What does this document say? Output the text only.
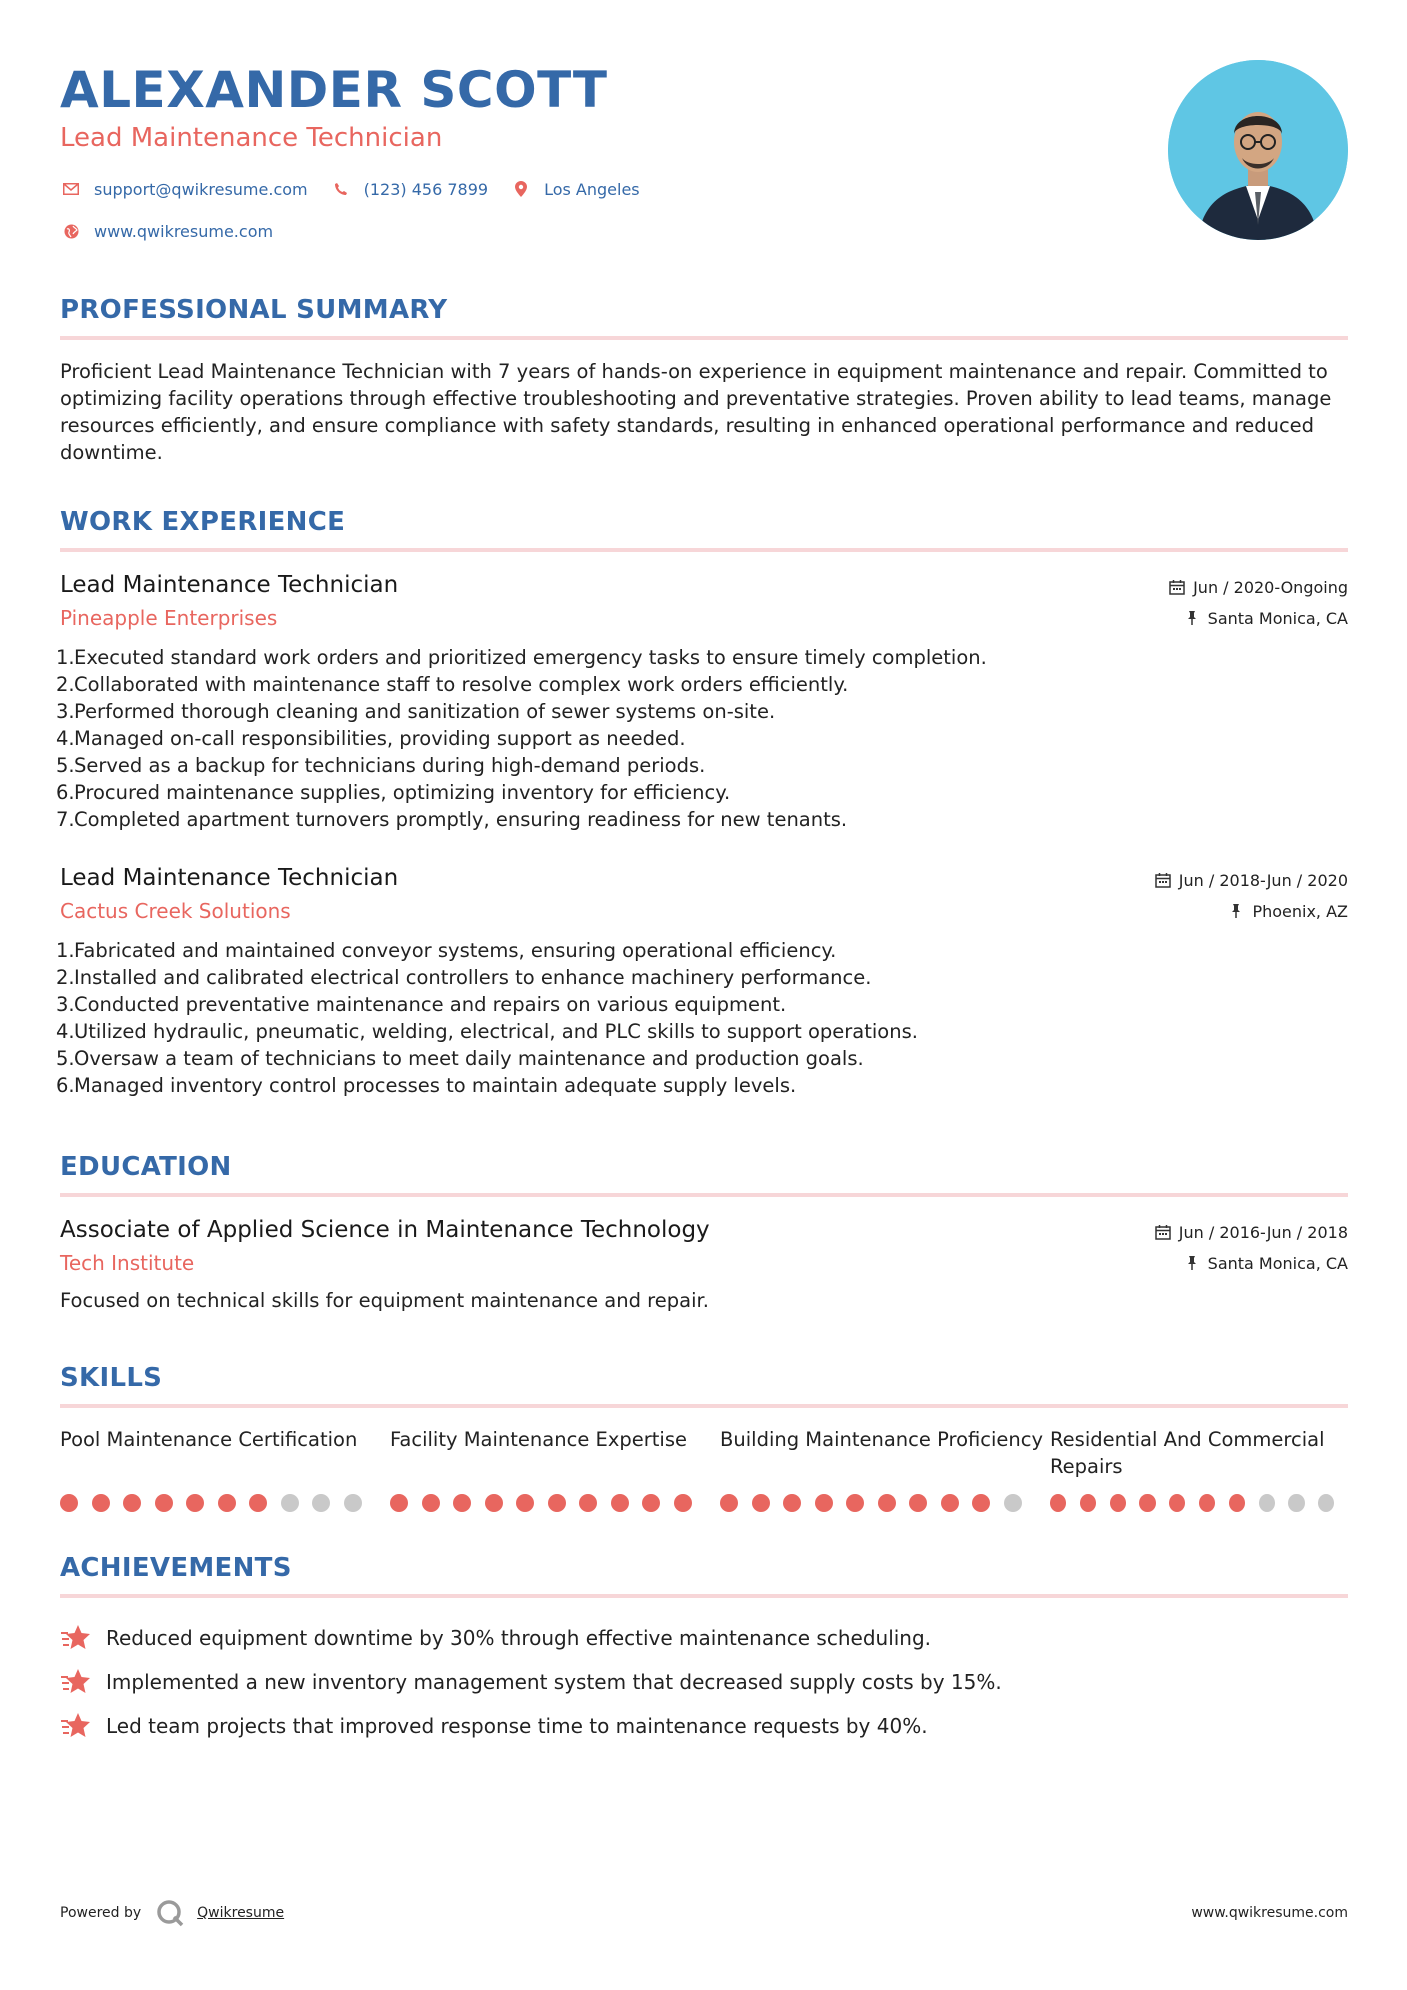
ALEXANDER SCOTT
Lead Maintenance Technician
support@qwikresume.com	(123) 456 7899	Los Angeles
www.qwikresume.com
PROFESSIONAL SUMMARY
Proficient Lead Maintenance Technician with 7 years of hands-on experience in equipment maintenance and repair. Committed to optimizing facility operations through effective troubleshooting and preventative strategies. Proven ability to lead teams, manage resources efficiently, and ensure compliance with safety standards, resulting in enhanced operational performance and reduced downtime.
WORK EXPERIENCE
Lead Maintenance Technician
Pineapple Enterprises
Jun / 2020-Ongoing
Santa Monica, CA
1. Executed standard work orders and prioritized emergency tasks to ensure timely completion.
2. Collaborated with maintenance staff to resolve complex work orders efficiently.
3. Performed thorough cleaning and sanitization of sewer systems on-site.
4. Managed on-call responsibilities, providing support as needed.
5. Served as a backup for technicians during high-demand periods.
6. Procured maintenance supplies, optimizing inventory for efficiency.
7. Completed apartment turnovers promptly, ensuring readiness for new tenants.
Lead Maintenance Technician
Cactus Creek Solutions
Jun / 2018-Jun / 2020
Phoenix, AZ
1. Fabricated and maintained conveyor systems, ensuring operational efficiency.
2. Installed and calibrated electrical controllers to enhance machinery performance.
3. Conducted preventative maintenance and repairs on various equipment.
4. Utilized hydraulic, pneumatic, welding, electrical, and PLC skills to support operations.
5. Oversaw a team of technicians to meet daily maintenance and production goals.
6. Managed inventory control processes to maintain adequate supply levels.
EDUCATION
Associate of Applied Science in Maintenance Technology
Tech Institute
Jun / 2016-Jun / 2018
Santa Monica, CA
Focused on technical skills for equipment maintenance and repair.
SKILLS
Pool Maintenance Certification	Facility Maintenance Expertise	Building Maintenance Proficiency Residential And Commercial Repairs
ACHIEVEMENTS
Reduced equipment downtime by 30% through effective maintenance scheduling.
Implemented a new inventory management system that decreased supply costs by 15%.
Led team projects that improved response time to maintenance requests by 40%.
Powered by	Qwikresume	www.qwikresume.com
